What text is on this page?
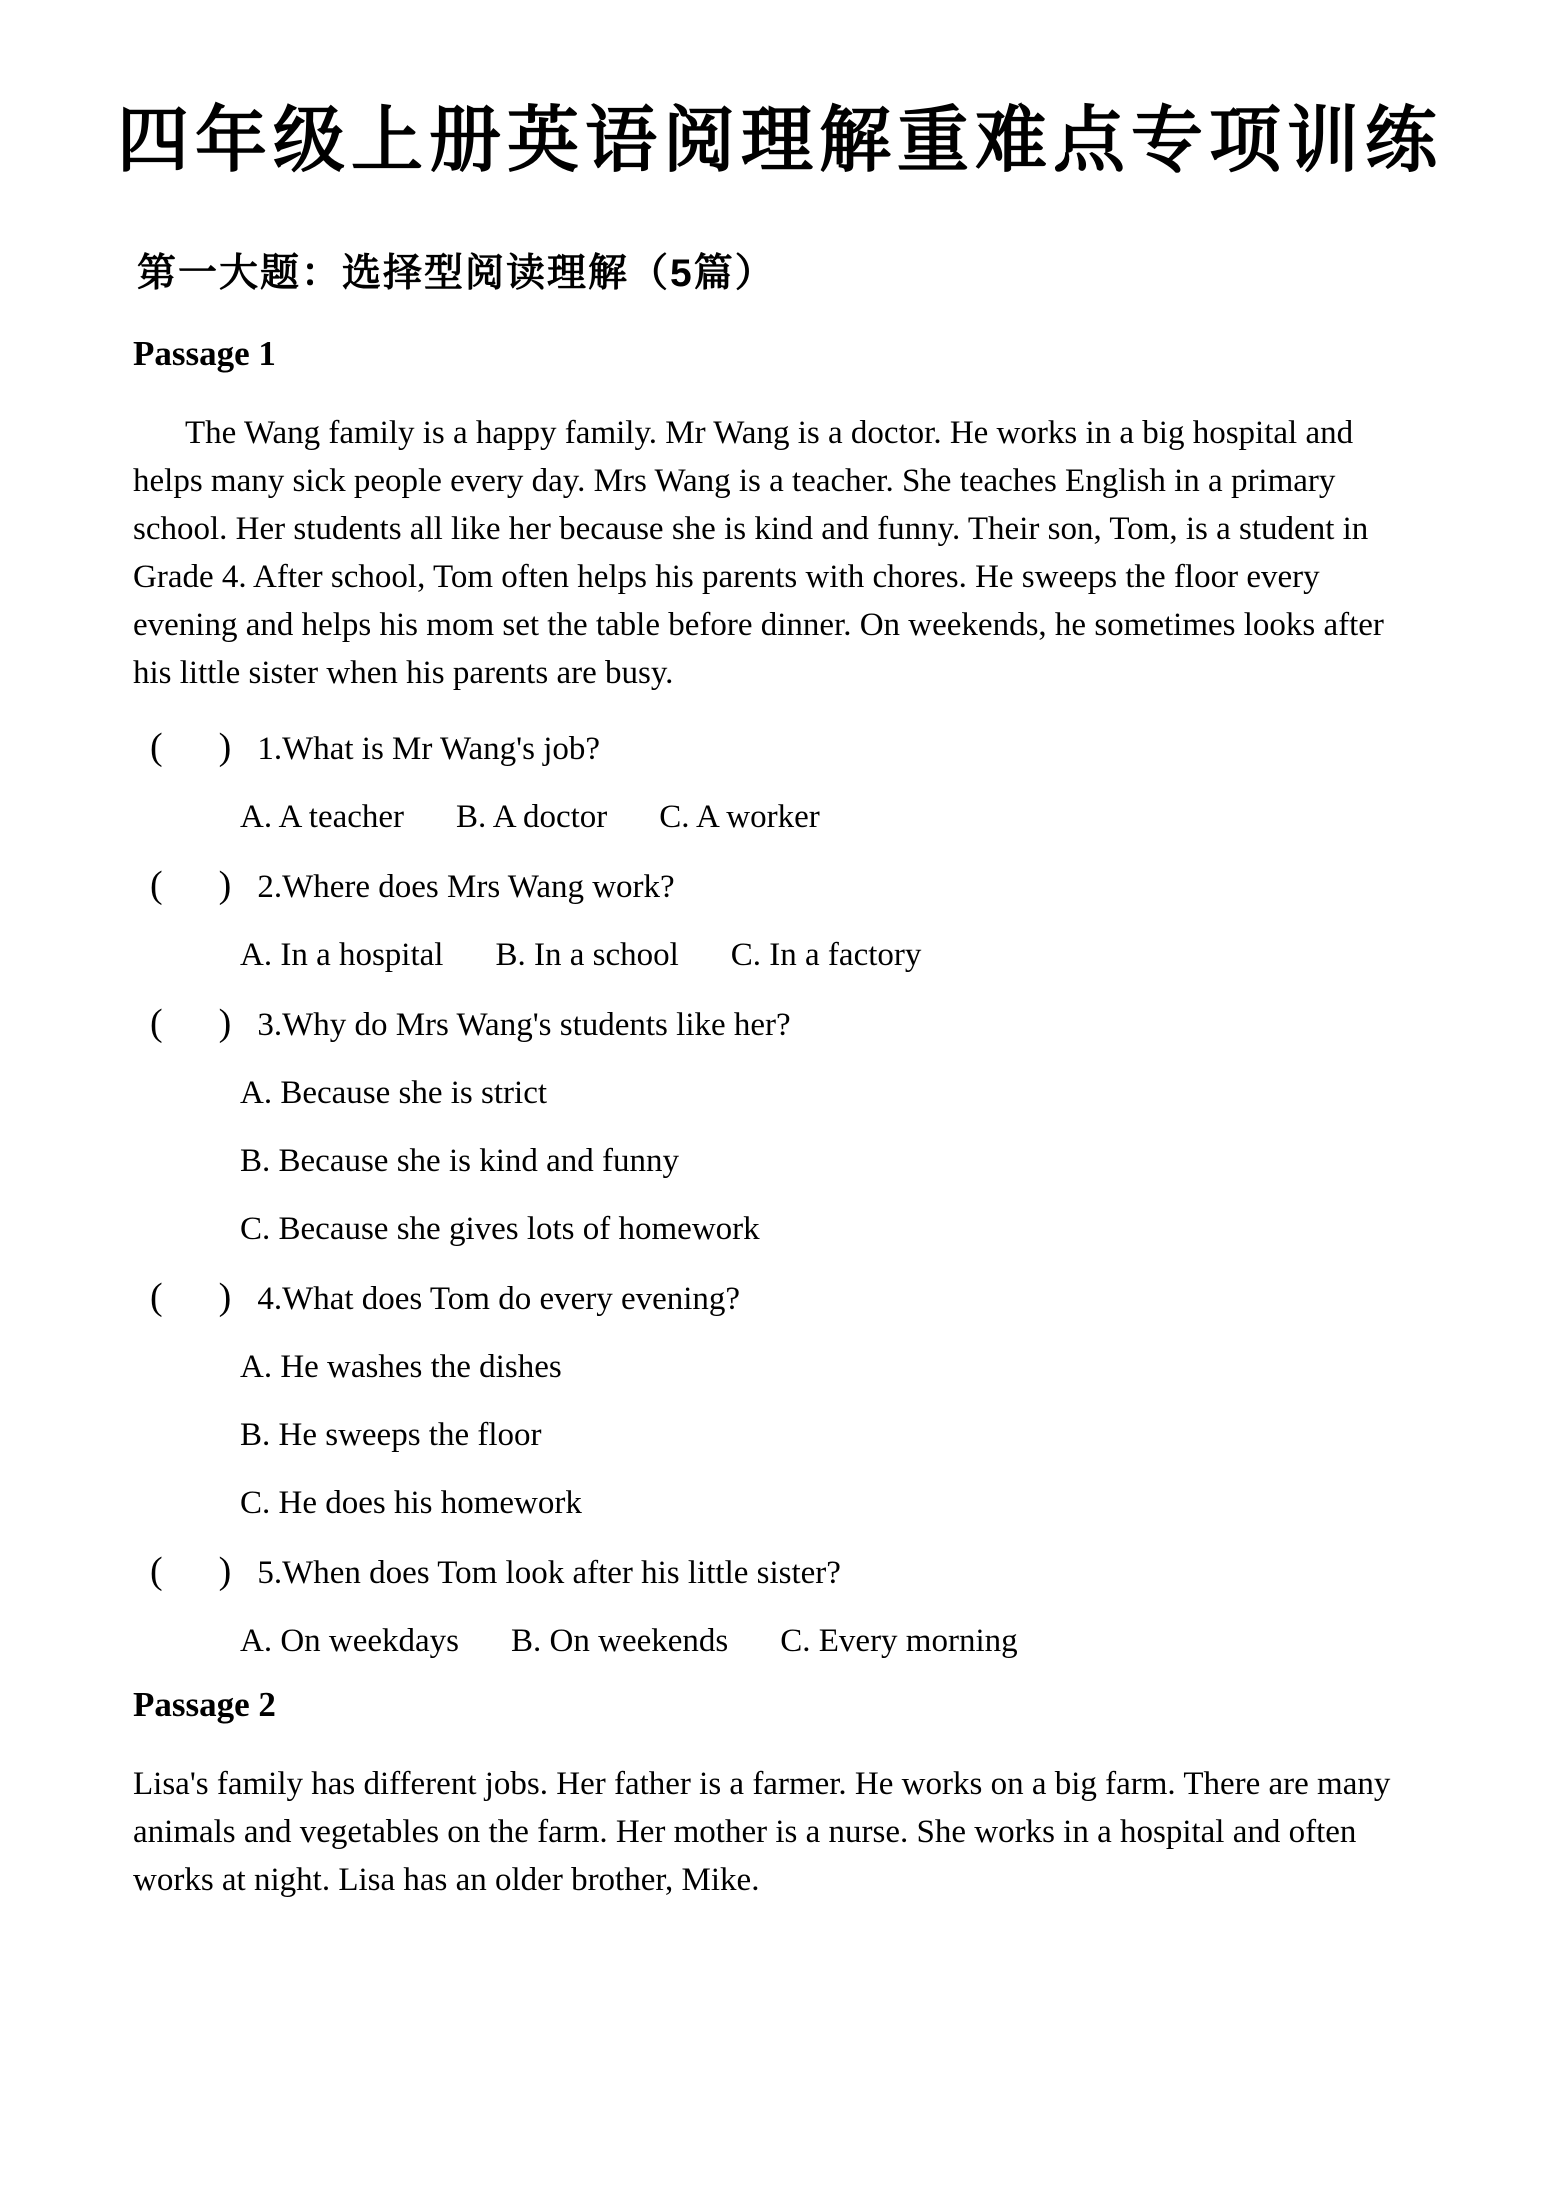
四年级上册英语阅理解重难点专项训练
第一大题：选择型阅读理解（5篇）
Passage 1

The Wang family is a happy family. Mr Wang is a doctor. He works in a big hospital and helps many sick people every day. Mrs Wang is a teacher. She teaches English in a primary school. Her students all like her because she is kind and funny. Their son, Tom, is a student in Grade 4. After school, Tom often helps his parents with chores. He sweeps the floor every evening and helps his mom set the table before dinner. On weekends, he sometimes looks after his little sister when his parents are busy.

( ) 1.What is Mr Wang's job?
A. A teacher B. A doctor C. A worker
( ) 2.Where does Mrs Wang work?
A. In a hospital B. In a school C. In a factory
( ) 3.Why do Mrs Wang's students like her?
A. Because she is strict
B. Because she is kind and funny
C. Because she gives lots of homework
( ) 4.What does Tom do every evening?
A. He washes the dishes
B. He sweeps the floor
C. He does his homework
( ) 5.When does Tom look after his little sister?
A. On weekdays B. On weekends C. Every morning
Passage 2

Lisa's family has different jobs. Her father is a farmer. He works on a big farm. There are many animals and vegetables on the farm. Her mother is a nurse. She works in a hospital and often works at night. Lisa has an older brother, Mike.
